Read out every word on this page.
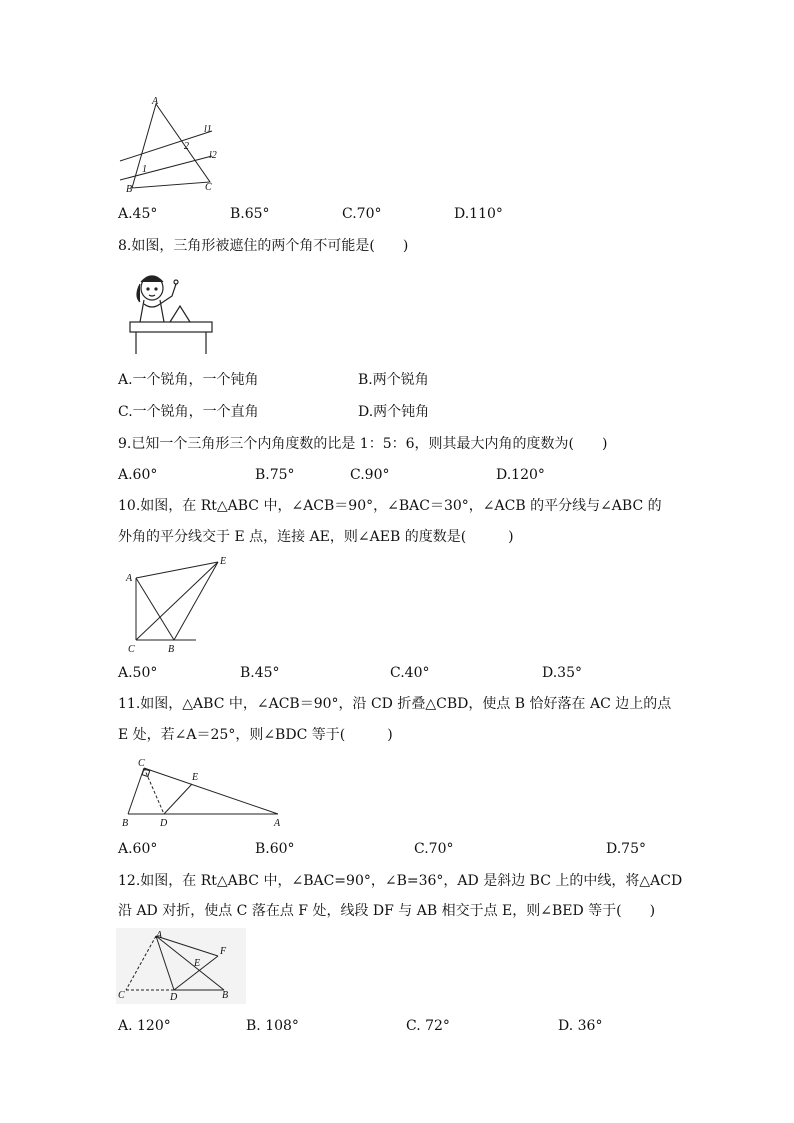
A
l1
2
l2
1
B	C
A.45°	B.65°	C.70°	D.110°
8.如图，三角形被遮住的两个角不可能是(　　)
A.一个锐角，一个钝角	B.两个锐角
C.一个锐角，一个直角	D.两个钝角
9.已知一个三角形三个内角度数的比是 1：5：6，则其最大内角的度数为(　　)
A.60°	B.75°	C.90°	D.120°
10.如图，在 Rt△ABC 中，∠ACB＝90°，∠BAC＝30°，∠ACB 的平分线与∠ABC 的
外角的平分线交于 E 点，连接 AE，则∠AEB 的度数是(　　　)
A
E
C	B
A.50°	B.45°	C.40°	D.35°
11.如图，△ABC 中，∠ACB＝90°，沿 CD 折叠△CBD，使点 B 恰好落在 AC 边上的点
E 处，若∠A＝25°，则∠BDC 等于(　　　)
C
E
B	D	A
A.60°	B.60°	C.70°	D.75°
12.如图，在 Rt△ABC 中，∠BAC=90°，∠B=36°，AD 是斜边 BC 上的中线，将△ACD
沿 AD 对折，使点 C 落在点 F 处，线段 DF 与 AB 相交于点 E，则∠BED 等于(　　)
A
F
E
C	D	B
A. 120°	B. 108°	C. 72°	D. 36°
